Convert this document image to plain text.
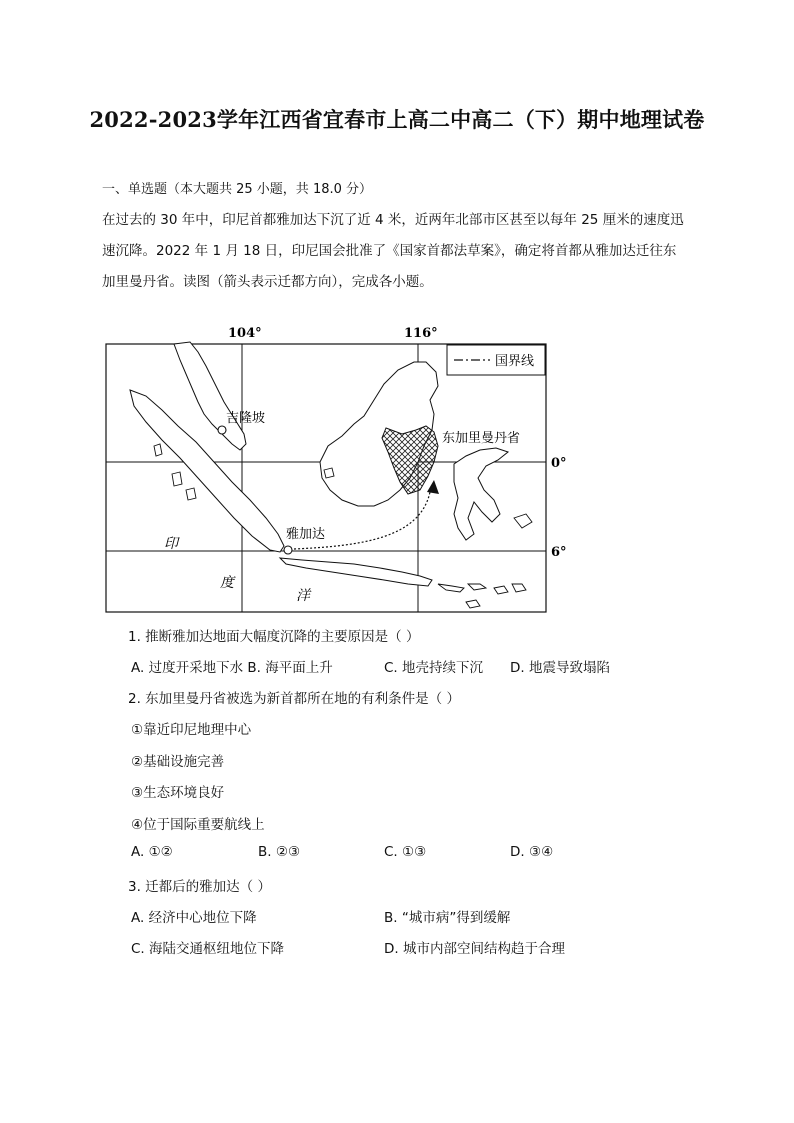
2022-2023学年江西省宜春市上高二中高二（下）期中地理试卷
一、单选题（本大题共 25 小题，共 18.0 分）

在过去的 30 年中，印尼首都雅加达下沉了近 4 米，近两年北部市区甚至以每年 25 厘米的速度迅

速沉降。2022 年 1 月 18 日，印尼国会批准了《国家首都法草案》，确定将首都从雅加达迁往东

加里曼丹省。读图（箭头表示迁都方向），完成各小题。

104°	116°
0°
6°
国界线
吉隆坡
雅加达
东加里曼丹省
印
度
洋
1. 推断雅加达地面大幅度沉降的主要原因是（ ）
A. 过度开采地下水 B. 海平面上升	C. 地壳持续下沉 D. 地震导致塌陷
2. 东加里曼丹省被选为新首都所在地的有利条件是（ ）
①靠近印尼地理中心
②基础设施完善
③生态环境良好
④位于国际重要航线上
A. ①②	B. ②③	C. ①③	D. ③④
3. 迁都后的雅加达（ ）
A. 经济中心地位下降	B. “城市病”得到缓解
C. 海陆交通枢纽地位下降	D. 城市内部空间结构趋于合理
